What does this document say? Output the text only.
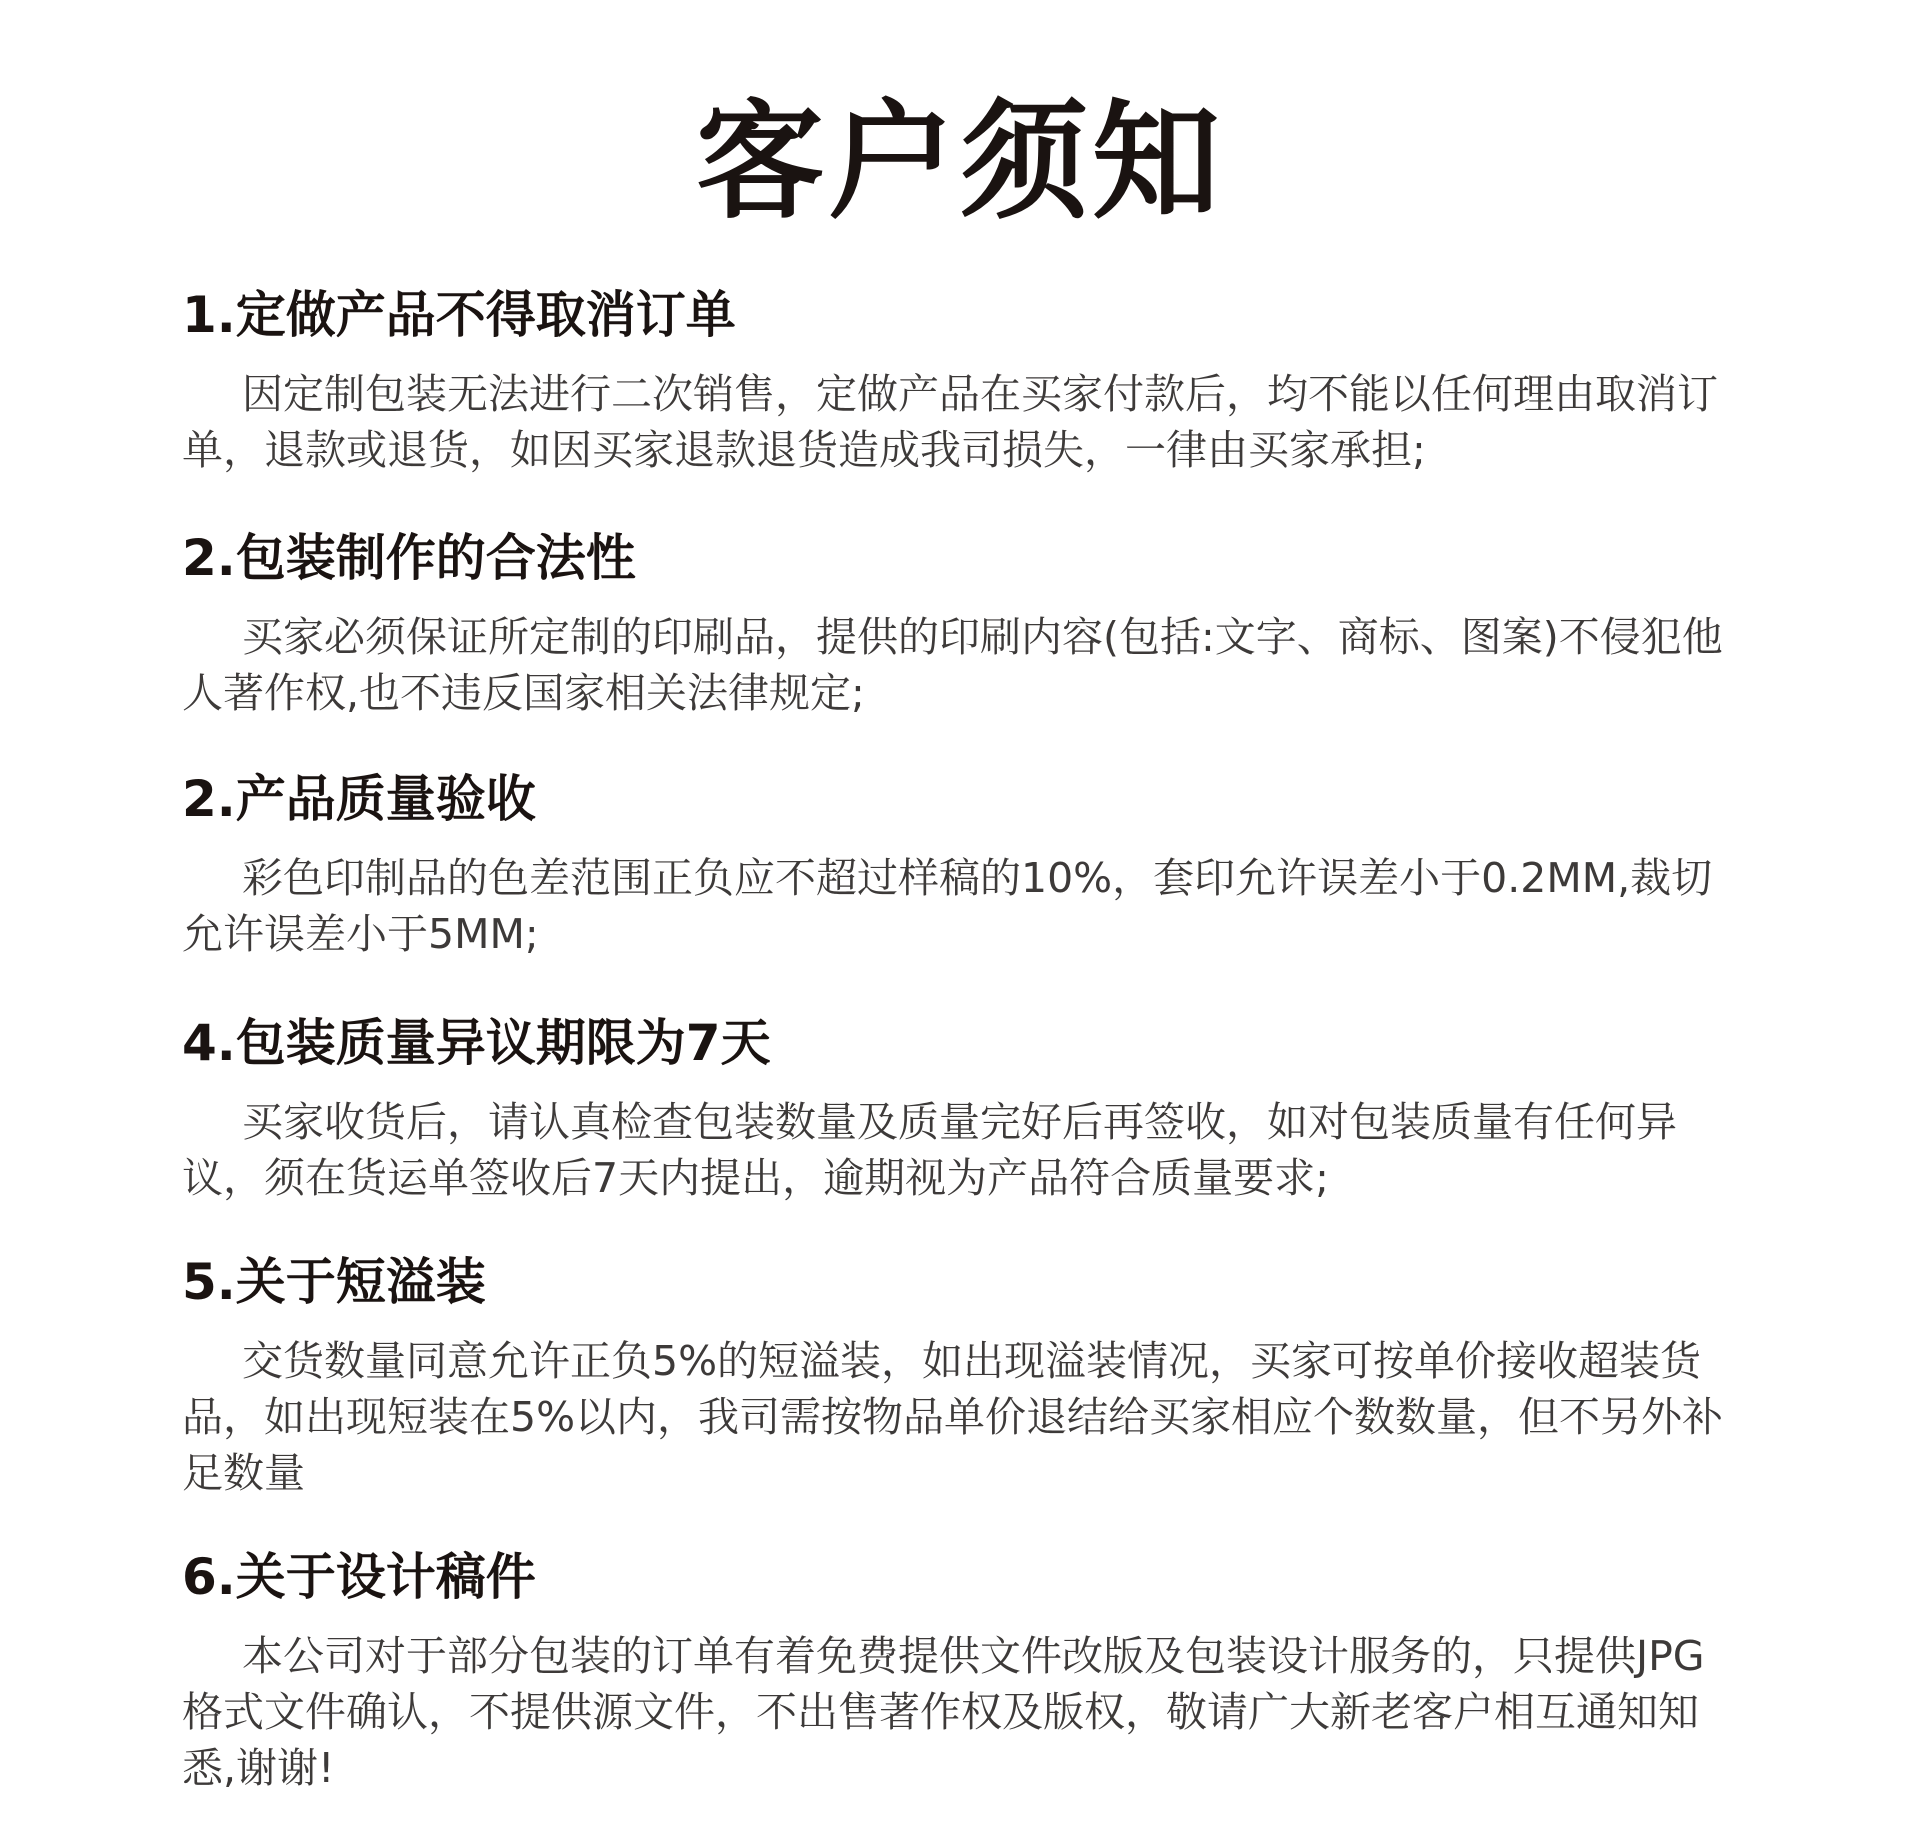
客户须知
1.定做产品不得取消订单
因定制包装无法进行二次销售，定做产品在买家付款后，均不能以任何理由取消订单，退款或退货，如因买家退款退货造成我司损失，一律由买家承担;
2.包装制作的合法性
买家必须保证所定制的印刷品，提供的印刷内容(包括:文字、商标、图案)不侵犯他人著作权,也不违反国家相关法律规定;
2.产品质量验收
彩色印制品的色差范围正负应不超过样稿的10%，套印允许误差小于0.2MM,裁切允许误差小于5MM;
4.包装质量异议期限为7天
买家收货后，请认真检查包装数量及质量完好后再签收，如对包装质量有任何异议，须在货运单签收后7天内提出，逾期视为产品符合质量要求;
5.关于短溢装
交货数量同意允许正负5%的短溢装，如出现溢装情况，买家可按单价接收超装货品，如出现短装在5%以内，我司需按物品单价退结给买家相应个数数量，但不另外补足数量
6.关于设计稿件
本公司对于部分包装的订单有着免费提供文件改版及包装设计服务的，只提供JPG格式文件确认，不提供源文件，不出售著作权及版权，敬请广大新老客户相互通知知悉,谢谢!
